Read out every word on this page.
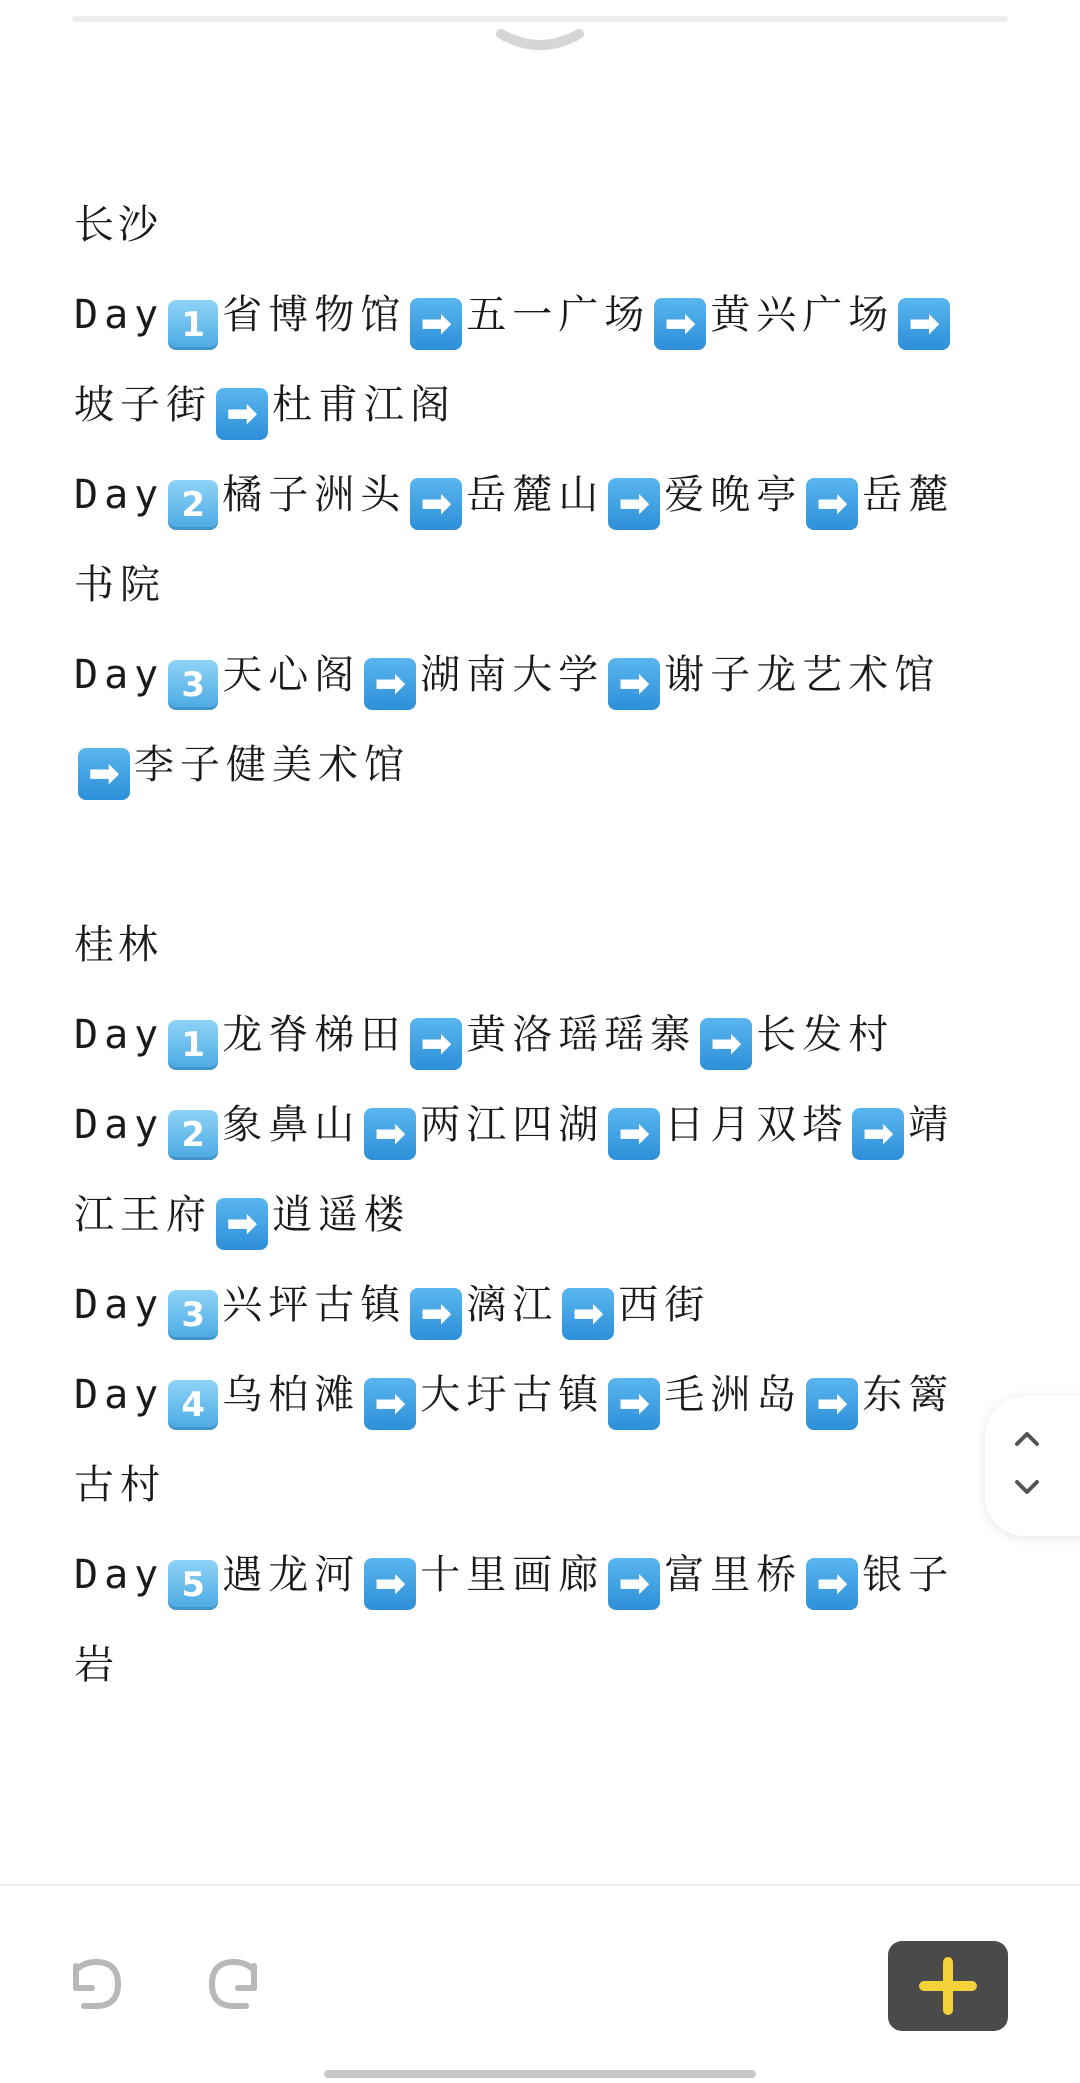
长沙
Day 1 省博物馆 ➡ 五一广场 ➡ 黄兴广场 ➡坡子街 ➡ 杜甫江阁
Day 2 橘子洲头 ➡ 岳麓山 ➡ 爱晚亭 ➡ 岳麓书院
Day 3 天心阁 ➡ 湖南大学 ➡ 谢子龙艺术馆➡ 李子健美术馆
桂林
Day 1 龙脊梯田 ➡ 黄洛瑶瑶寨 ➡ 长发村
Day 2 象鼻山 ➡ 两江四湖 ➡ 日月双塔 ➡ 靖江王府 ➡ 逍遥楼
Day 3 兴坪古镇 ➡ 漓江 ➡ 西街
Day 4 乌柏滩 ➡ 大圩古镇 ➡ 毛洲岛 ➡ 东篱古村
Day 5 遇龙河 ➡ 十里画廊 ➡ 富里桥 ➡ 银子岩
